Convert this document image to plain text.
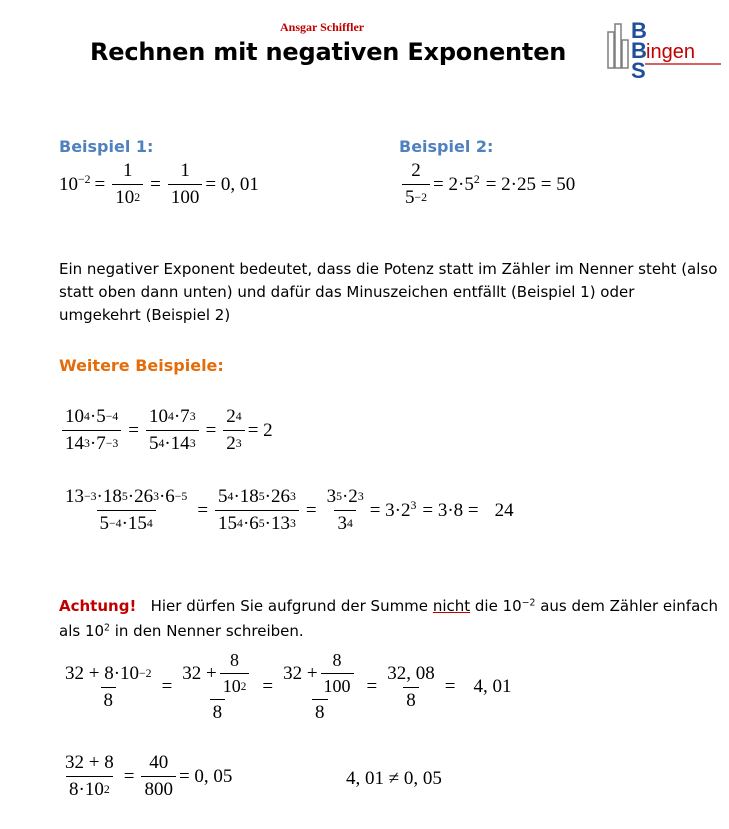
Ansgar Schiffler
Rechnen mit negativen Exponenten
B
B
S
ingen
Beispiel 1:
$10^{-2} = \frac{1}{10 2} = \frac{1}{100} = 0$, 01
Beispiel 2:
$\frac{2}{5 -2} = 2\cdot 5^2 = 2\cdot 25 = 50$
Ein negativer Exponent bedeutet, dass die Potenz statt im Zähler im Nenner steht (also statt oben dann unten) und dafür das Minuszeichen entfällt (Beispiel 1) oder umgekehrt (Beispiel 2)
Weitere Beispiele:
$\frac{10 4 \cdot 5 -4}{14 3 \cdot 7 -3} = \frac{10 4 \cdot 7 3}{5 4 \cdot 14 3} = \frac{2 4}{2 3} = 2$
$\frac{13 -3 \cdot 18 5 \cdot 26 3 \cdot 6 -5}{5 -4 \cdot 15 4} = \frac{5 4 \cdot 18 5 \cdot 26 3}{15 4 \cdot 6 5 \cdot 13 3} = \frac{3 5 \cdot 2 3}{3 4} = 3\cdot 2^3 = 3\cdot 8 = 24$
Achtung! Hier dürfen Sie aufgrund der Summe nicht die $10^{-2}$ aus dem Zähler einfach als $10^2$ in den Nenner schreiben.
$\frac{32 + 8\cdot 10 -2}{8} = \frac{32 + \frac{8}{10 2}}{8} = \frac{32 + \frac{8}{100}}{8} = \frac{32, 08}{8} = 4$, 01
$\frac{32 + 8}{8\cdot 10 2} = \frac{40}{800} = 0$, 05	4, 01 ≠ 0, 05
